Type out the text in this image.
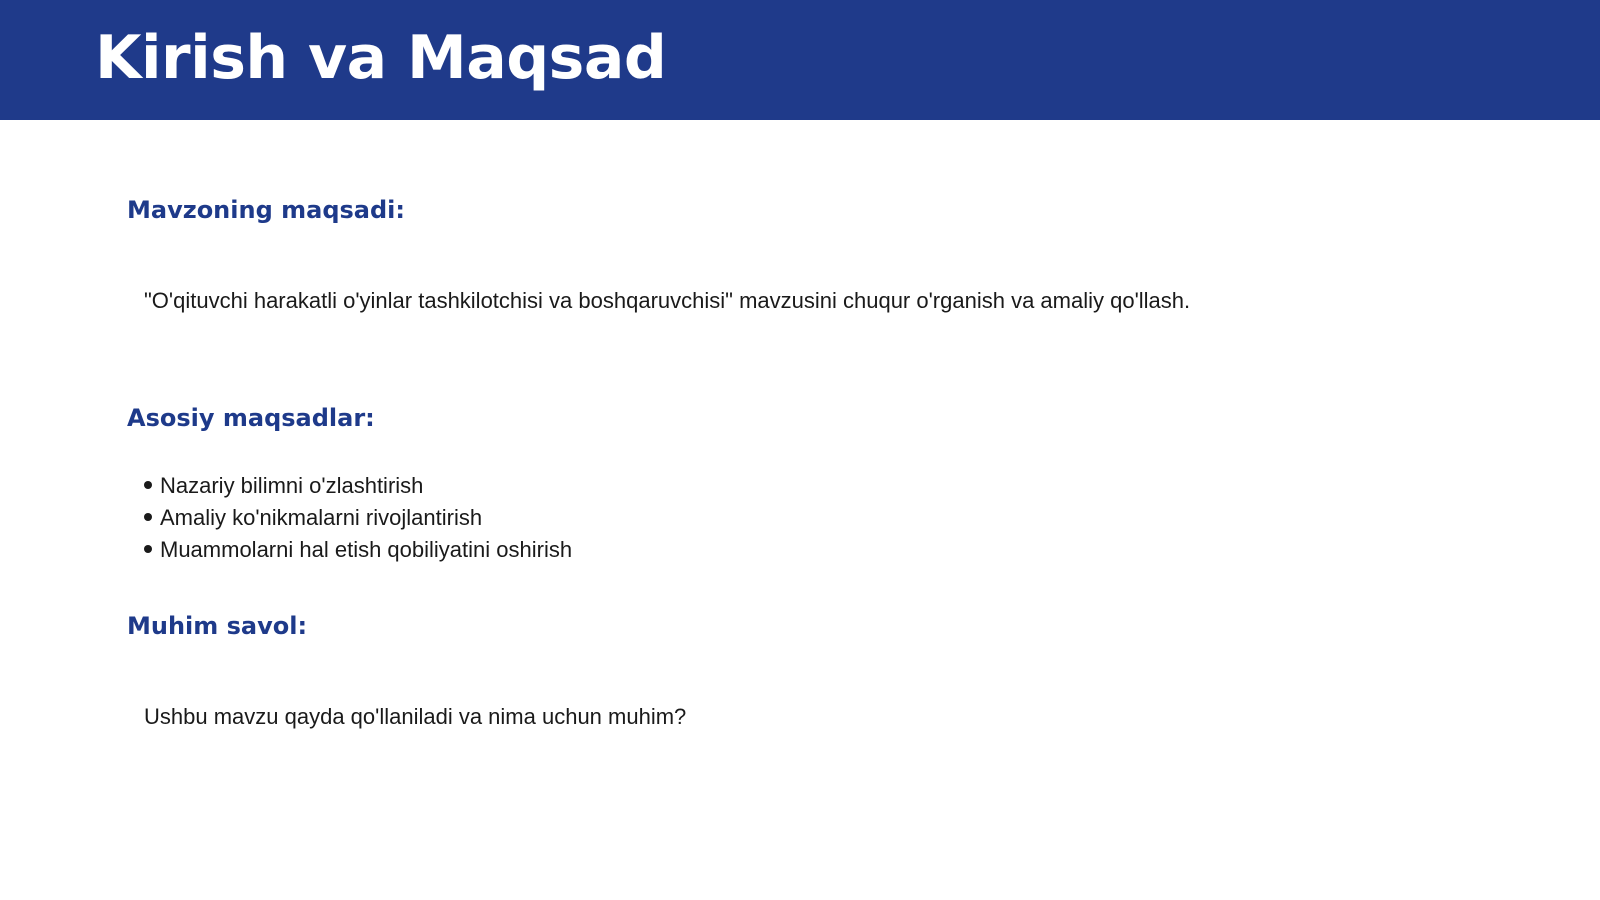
Kirish va Maqsad
Mavzoning maqsadi:

"O'qituvchi harakatli o'yinlar tashkilotchisi va boshqaruvchisi" mavzusini chuqur o'rganish va amaliy qo'llash.

Asosiy maqsadlar:
Nazariy bilimni o'zlashtirish
Amaliy ko'nikmalarni rivojlantirish
Muammolarni hal etish qobiliyatini oshirish
Muhim savol:

Ushbu mavzu qayda qo'llaniladi va nima uchun muhim?
